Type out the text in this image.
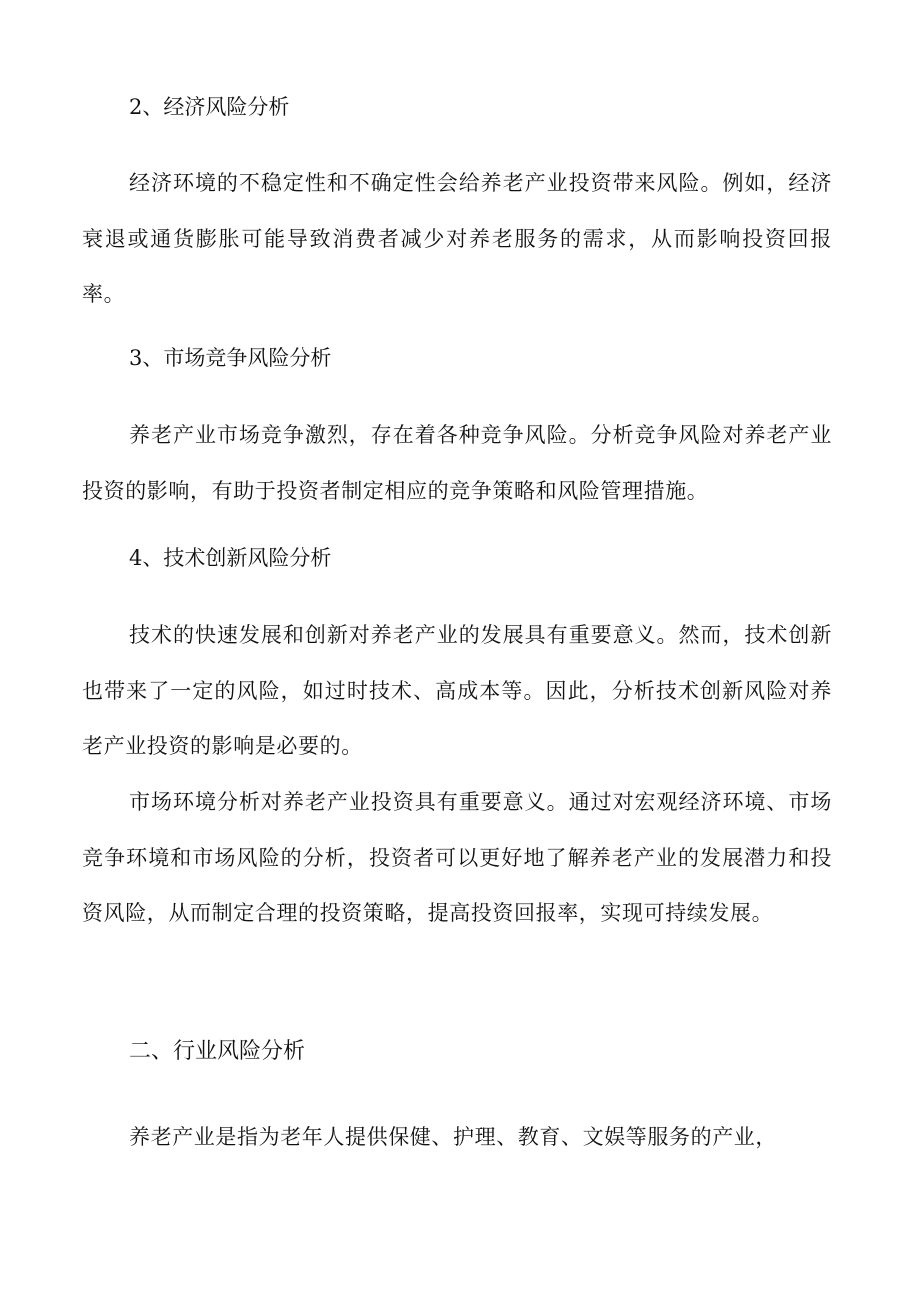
2、经济风险分析
经济环境的不稳定性和不确定性会给养老产业投资带来风险。例如，经济衰退或通货膨胀可能导致消费者减少对养老服务的需求，从而影响投资回报率。
3、市场竞争风险分析
养老产业市场竞争激烈，存在着各种竞争风险。分析竞争风险对养老产业投资的影响，有助于投资者制定相应的竞争策略和风险管理措施。
4、技术创新风险分析
技术的快速发展和创新对养老产业的发展具有重要意义。然而，技术创新也带来了一定的风险，如过时技术、高成本等。因此，分析技术创新风险对养老产业投资的影响是必要的。
市场环境分析对养老产业投资具有重要意义。通过对宏观经济环境、市场竞争环境和市场风险的分析，投资者可以更好地了解养老产业的发展潜力和投资风险，从而制定合理的投资策略，提高投资回报率，实现可持续发展。
二、行业风险分析
养老产业是指为老年人提供保健、护理、教育、文娱等服务的产业，
